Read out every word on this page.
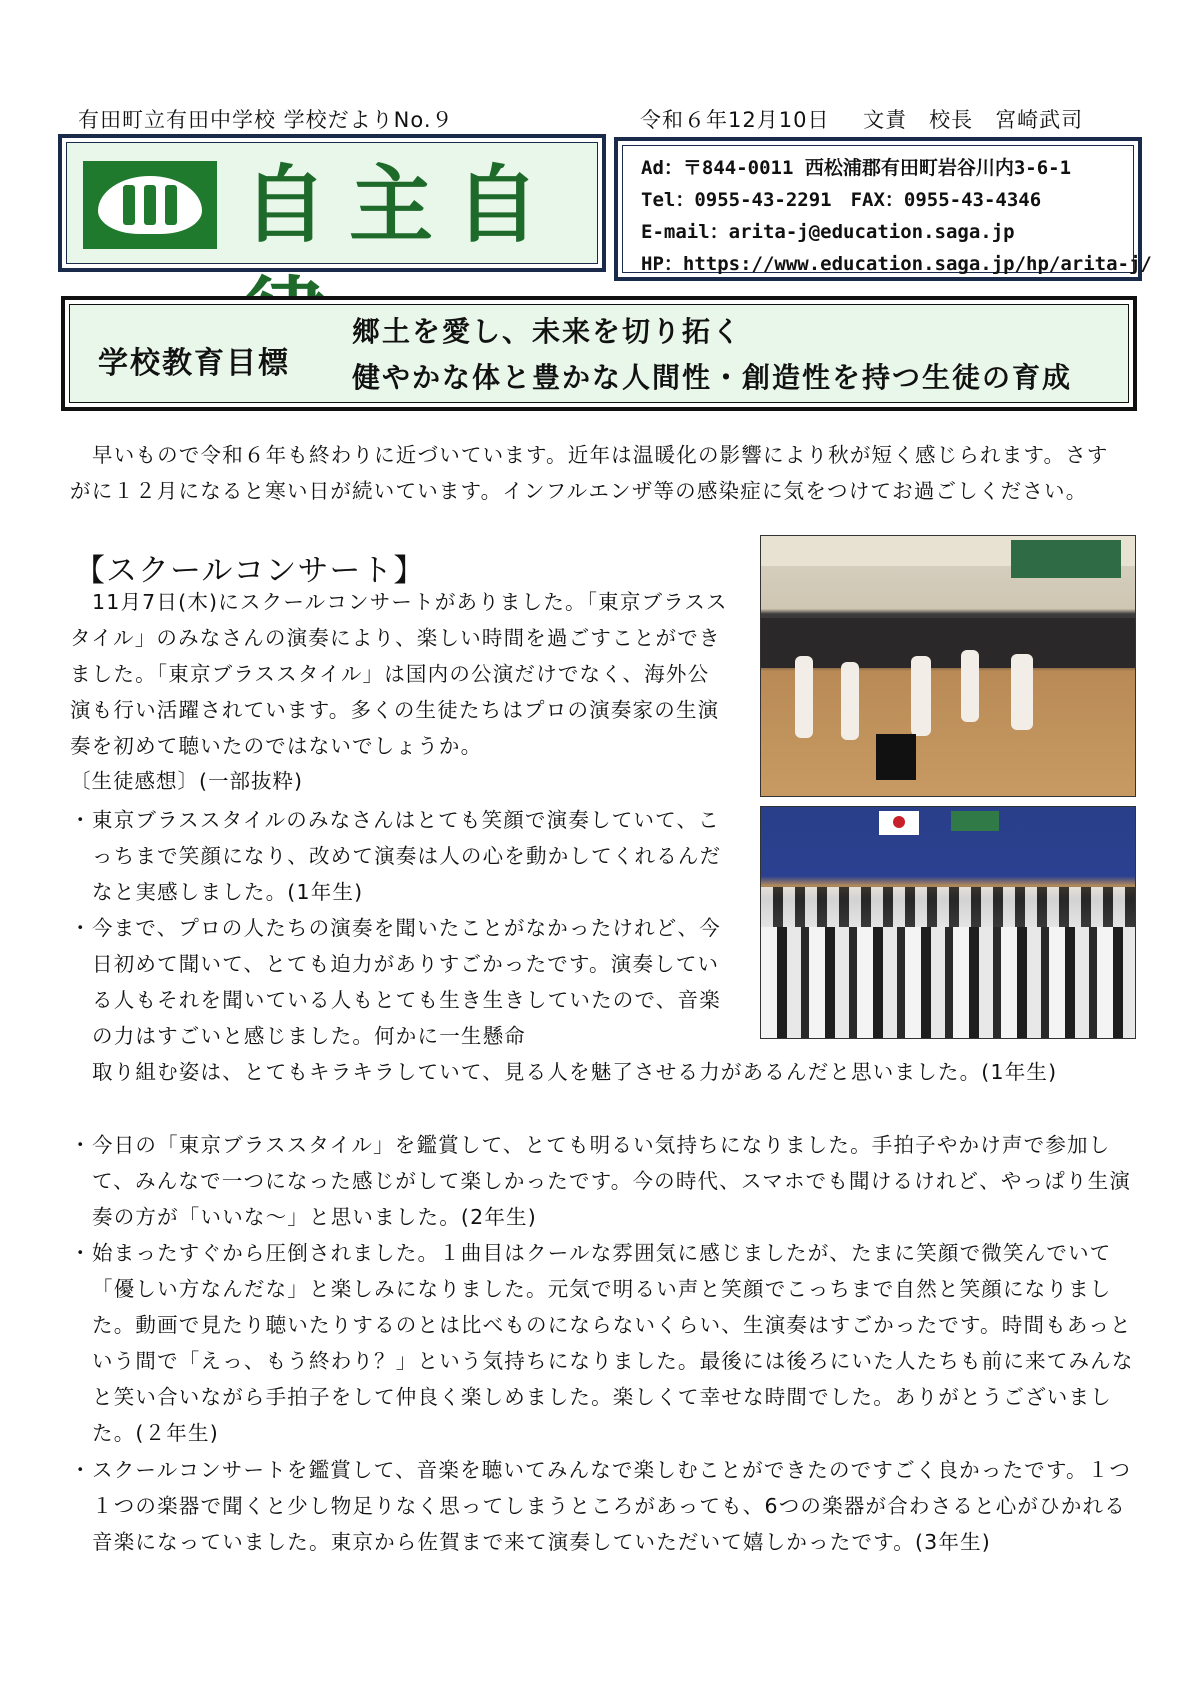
有田町立有田中学校 学校だよりNo.９	令和６年12月10日　 文責　校長　宮崎武司
自主自	Ad：〒844-0011 西松浦郡有田町岩谷川内3-6-1
Tel：0955-43-2291　FAX：0955-43-4346
E-mail：arita-j@education.saga.jp
HP：https://www.education.saga.jp/hp/arita-j/
学校教育目標
郷土を愛し、未来を切り拓く
健やかな体と豊かな人間性・創造性を持つ生徒の育成
早いもので令和６年も終わりに近づいています。近年は温暖化の影響により秋が短く感じられます。さすがに１２月になると寒い日が続いています。インフルエンザ等の感染症に気をつけてお過ごしください。
【スクールコンサート】
11月7日(木)にスクールコンサートがありました。「東京ブラススタイル」のみなさんの演奏により、楽しい時間を過ごすことができました。「東京ブラススタイル」は国内の公演だけでなく、海外公演も行い活躍されています。多くの生徒たちはプロの演奏家の生演奏を初めて聴いたのではないでしょうか。
〔生徒感想〕(一部抜粋)
・ 東京ブラススタイルのみなさんはとても笑顔で演奏していて、こっちまで笑顔になり、改めて演奏は人の心を動かしてくれるんだなと実感しました。(1年生)
・ 今まで、プロの人たちの演奏を聞いたことがなかったけれど、今日初めて聞いて、とても迫力がありすごかったです。演奏している人もそれを聞いている人もとても生き生きしていたので、音楽の力はすごいと感じました。何かに一生懸命
取り組む姿は、とてもキラキラしていて、見る人を魅了させる力があるんだと思いました。(1年生)
・ 今日の「東京ブラススタイル」を鑑賞して、とても明るい気持ちになりました。手拍子やかけ声で参加して、みんなで一つになった感じがして楽しかったです。今の時代、スマホでも聞けるけれど、やっぱり生演奏の方が「いいな～」と思いました。(2年生)
・ 始まったすぐから圧倒されました。１曲目はクールな雰囲気に感じましたが、たまに笑顔で微笑んでいて「優しい方なんだな」と楽しみになりました。元気で明るい声と笑顔でこっちまで自然と笑顔になりました。動画で見たり聴いたりするのとは比べものにならないくらい、生演奏はすごかったです。時間もあっという間で「えっ、もう終わり？」という気持ちになりました。最後には後ろにいた人たちも前に来てみんなと笑い合いながら手拍子をして仲良く楽しめました。楽しくて幸せな時間でした。ありがとうございました。(２年生)
・ スクールコンサートを鑑賞して、音楽を聴いてみんなで楽しむことができたのですごく良かったです。１つ１つの楽器で聞くと少し物足りなく思ってしまうところがあっても、6つの楽器が合わさると心がひかれる音楽になっていました。東京から佐賀まで来て演奏していただいて嬉しかったです。(3年生)
